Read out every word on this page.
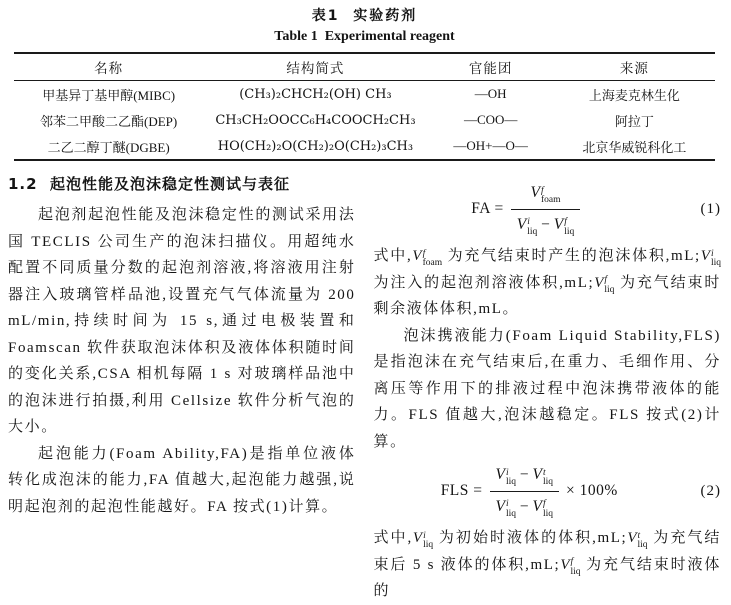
表1  实验药剂
Table 1  Experimental reagent
名称	结构简式	官能团	来源
甲基异丁基甲醇(MIBC)	(CH₃)₂CHCH₂(OH) CH₃	—OH	上海麦克林生化
邻苯二甲酸二乙酯(DEP)	CH₃CH₂OOCC₆H₄COOCH₂CH₃	—COO—	阿拉丁
二乙二醇丁醚(DGBE)	HO(CH₂)₂O(CH₂)₂O(CH₂)₃CH₃	—OH+—O—	北京华威锐科化工
1.2  起泡性能及泡沫稳定性测试与表征

起泡剂起泡性能及泡沫稳定性的测试采用法国 TECLIS 公司生产的泡沫扫描仪。用超纯水配置不同质量分数的起泡剂溶液,将溶液用注射器注入玻璃管样品池,设置充气气体流量为 200 mL/min,持续时间为 15 s,通过电极装置和 Foamscan 软件获取泡沫体积及液体体积随时间的变化关系,CSA 相机每隔 1 s 对玻璃样品池中的泡沫进行拍摄,利用 Cellsize 软件分析气泡的大小。

起泡能力(Foam Ability,FA)是指单位液体转化成泡沫的能力,FA 值越大,起泡能力越强,说明起泡剂的起泡性能越好。FA 按式(1)计算。

FA = V f
foam
V i
liq − V f
liq	(1)

式中,V f
foam 为充气结束时产生的泡沫体积,mL;V i
liq
为注入的起泡剂溶液体积,mL;V f
liq 为充气结束时剩余液体体积,mL。

泡沫携液能力(Foam Liquid Stability,FLS)是指泡沫在充气结束后,在重力、毛细作用、分离压等作用下的排液过程中泡沫携带液体的能力。FLS 值越大,泡沫越稳定。FLS 按式(2)计算。

FLS = V i
liq − V t
liq
V i
liq − V f
liq × 100%	(2)

式中,V i
liq 为初始时液体的体积,mL;V t
liq 为充气结束后 5 s 液体的体积,mL;V f
liq 为充气结束时液体的
